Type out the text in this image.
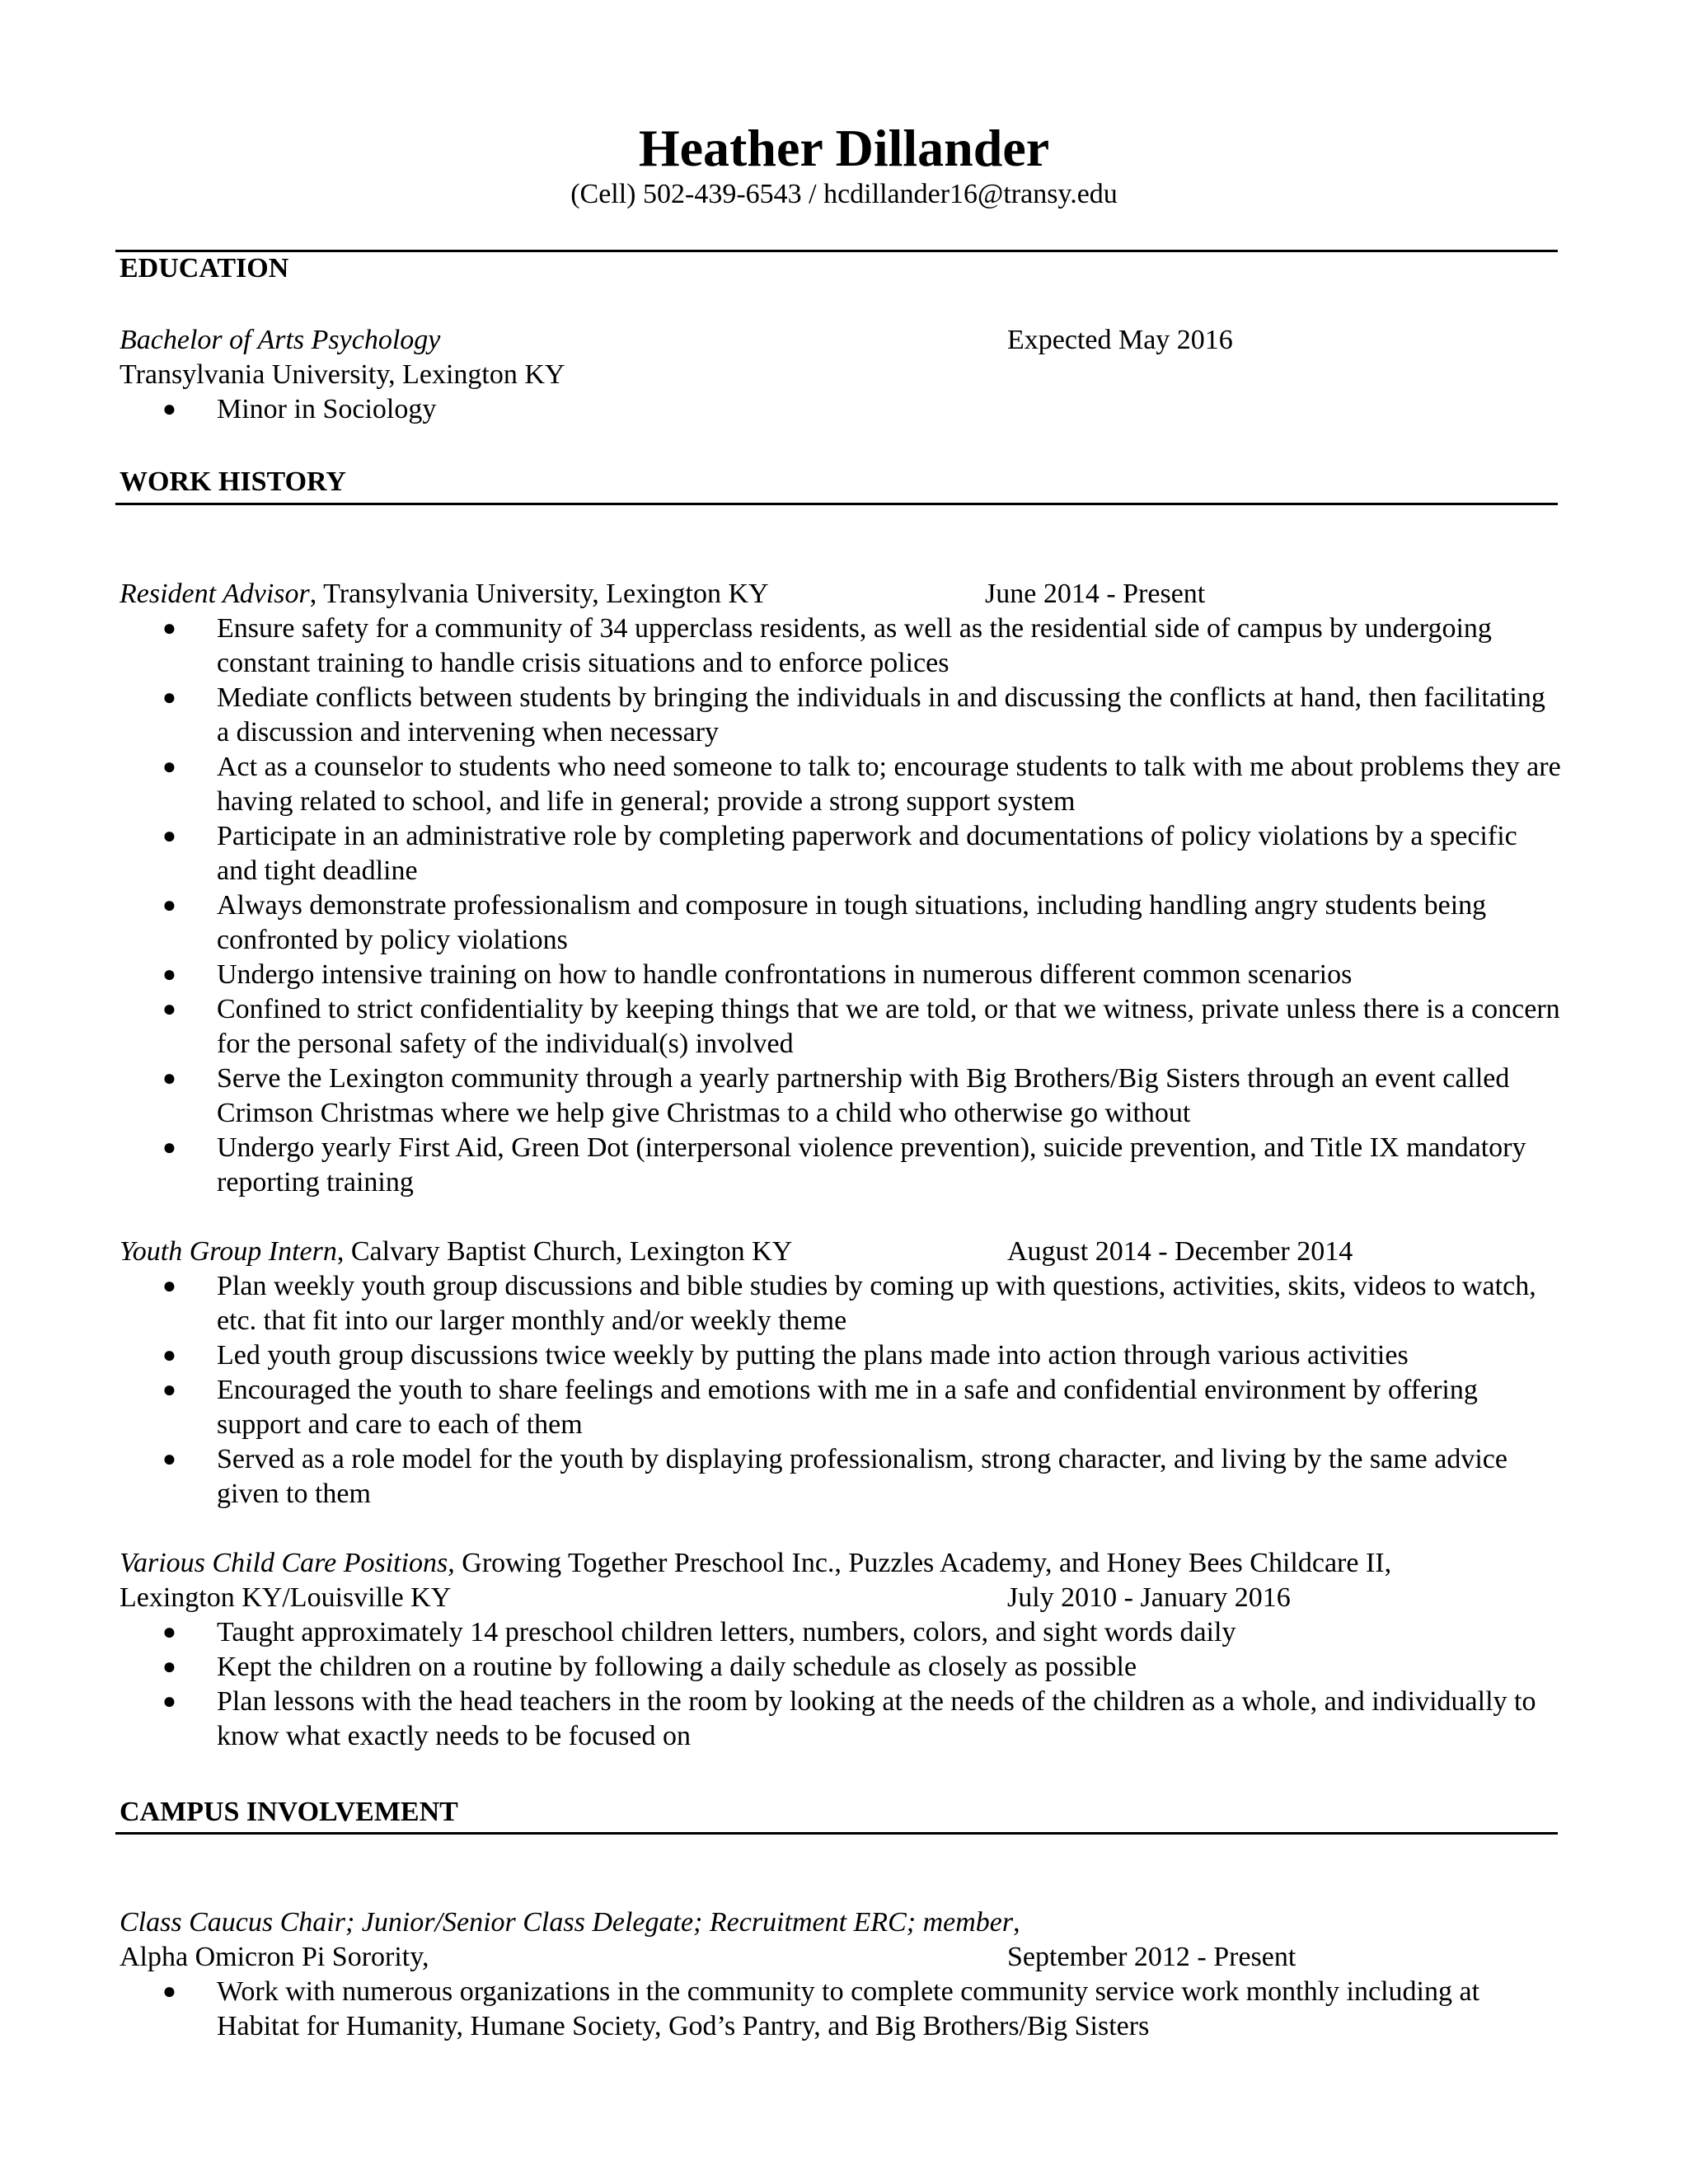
Heather Dillander
(Cell) 502-439-6543 / hcdillander16@transy.edu
EDUCATION
Bachelor of Arts Psychology	Expected May 2016
Transylvania University, Lexington KY
● Minor in Sociology
WORK HISTORY
Resident Advisor, Transylvania University, Lexington KY	June 2014 - Present
● Ensure safety for a community of 34 upperclass residents, as well as the residential side of campus by undergoing constant training to handle crisis situations and to enforce polices
● Mediate conflicts between students by bringing the individuals in and discussing the conflicts at hand, then facilitating a discussion and intervening when necessary
● Act as a counselor to students who need someone to talk to; encourage students to talk with me about problems they are having related to school, and life in general; provide a strong support system
● Participate in an administrative role by completing paperwork and documentations of policy violations by a specific and tight deadline
● Always demonstrate professionalism and composure in tough situations, including handling angry students being confronted by policy violations
● Undergo intensive training on how to handle confrontations in numerous different common scenarios
● Confined to strict confidentiality by keeping things that we are told, or that we witness, private unless there is a concern for the personal safety of the individual(s) involved
● Serve the Lexington community through a yearly partnership with Big Brothers/Big Sisters through an event called Crimson Christmas where we help give Christmas to a child who otherwise go without
● Undergo yearly First Aid, Green Dot (interpersonal violence prevention), suicide prevention, and Title IX mandatory reporting training
Youth Group Intern, Calvary Baptist Church, Lexington KY	August 2014 - December 2014
● Plan weekly youth group discussions and bible studies by coming up with questions, activities, skits, videos to watch, etc. that fit into our larger monthly and/or weekly theme
● Led youth group discussions twice weekly by putting the plans made into action through various activities
● Encouraged the youth to share feelings and emotions with me in a safe and confidential environment by offering support and care to each of them
● Served as a role model for the youth by displaying professionalism, strong character, and living by the same advice given to them
Various Child Care Positions, Growing Together Preschool Inc., Puzzles Academy, and Honey Bees Childcare II,
Lexington KY/Louisville KY	July 2010 - January 2016
● Taught approximately 14 preschool children letters, numbers, colors, and sight words daily
● Kept the children on a routine by following a daily schedule as closely as possible
● Plan lessons with the head teachers in the room by looking at the needs of the children as a whole, and individually to know what exactly needs to be focused on
CAMPUS INVOLVEMENT
Class Caucus Chair; Junior/Senior Class Delegate; Recruitment ERC; member,
Alpha Omicron Pi Sorority,	September 2012 - Present
● Work with numerous organizations in the community to complete community service work monthly including at Habitat for Humanity, Humane Society, God’s Pantry, and Big Brothers/Big Sisters
